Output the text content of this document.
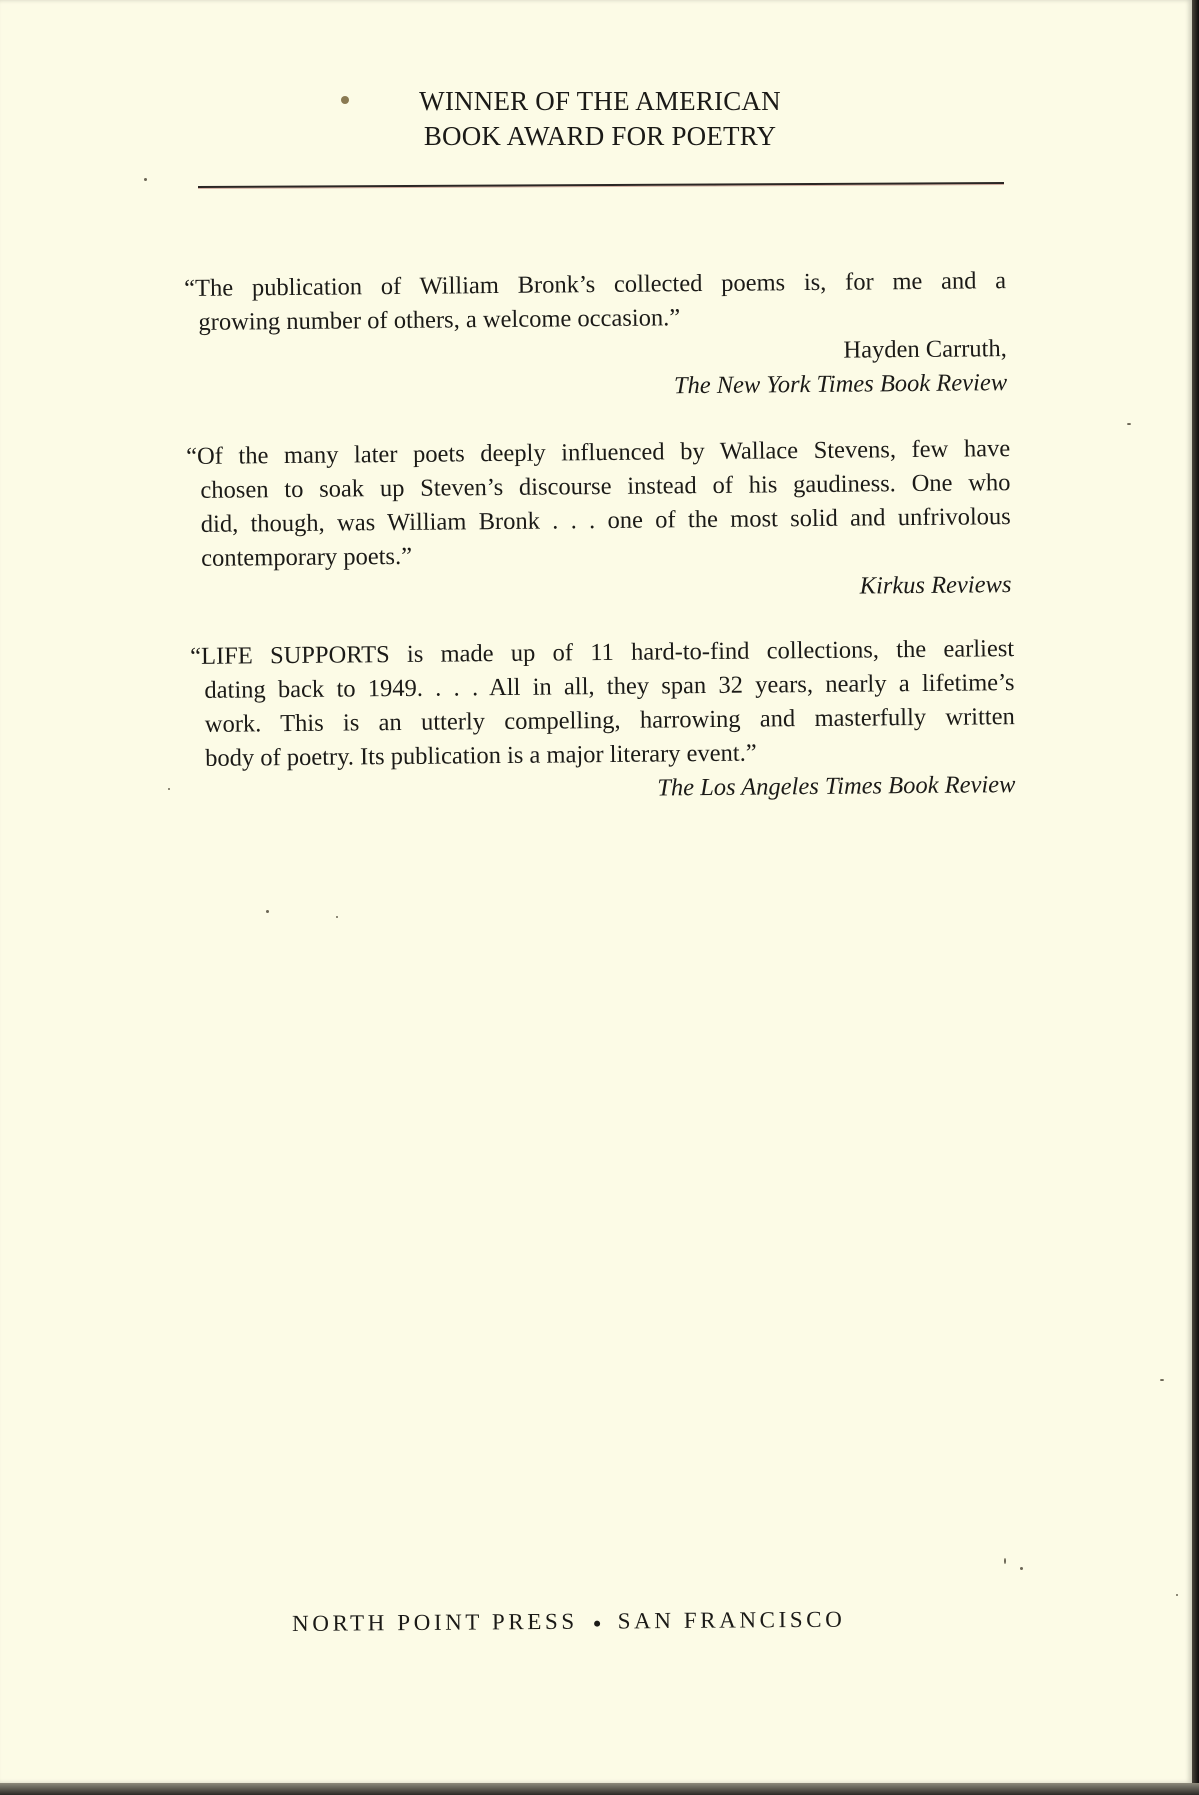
WINNER OF THE AMERICAN
BOOK AWARD FOR POETRY
“The publication of William Bronk’s collected poems is, for me and a
growing number of others, a welcome occasion.”
Hayden Carruth,
The New York Times Book Review
“Of the many later poets deeply influenced by Wallace Stevens, few have
chosen to soak up Steven’s discourse instead of his gaudiness. One who
did, though, was William Bronk . . . one of the most solid and unfrivolous
contemporary poets.”
Kirkus Reviews
“LIFE SUPPORTS is made up of 11 hard-to-find collections, the earliest
dating back to 1949. . . . All in all, they span 32 years, nearly a lifetime’s
work. This is an utterly compelling, harrowing and masterfully written
body of poetry. Its publication is a major literary event.”
The Los Angeles Times Book Review
NORTH POINT PRESS SAN FRANCISCO
